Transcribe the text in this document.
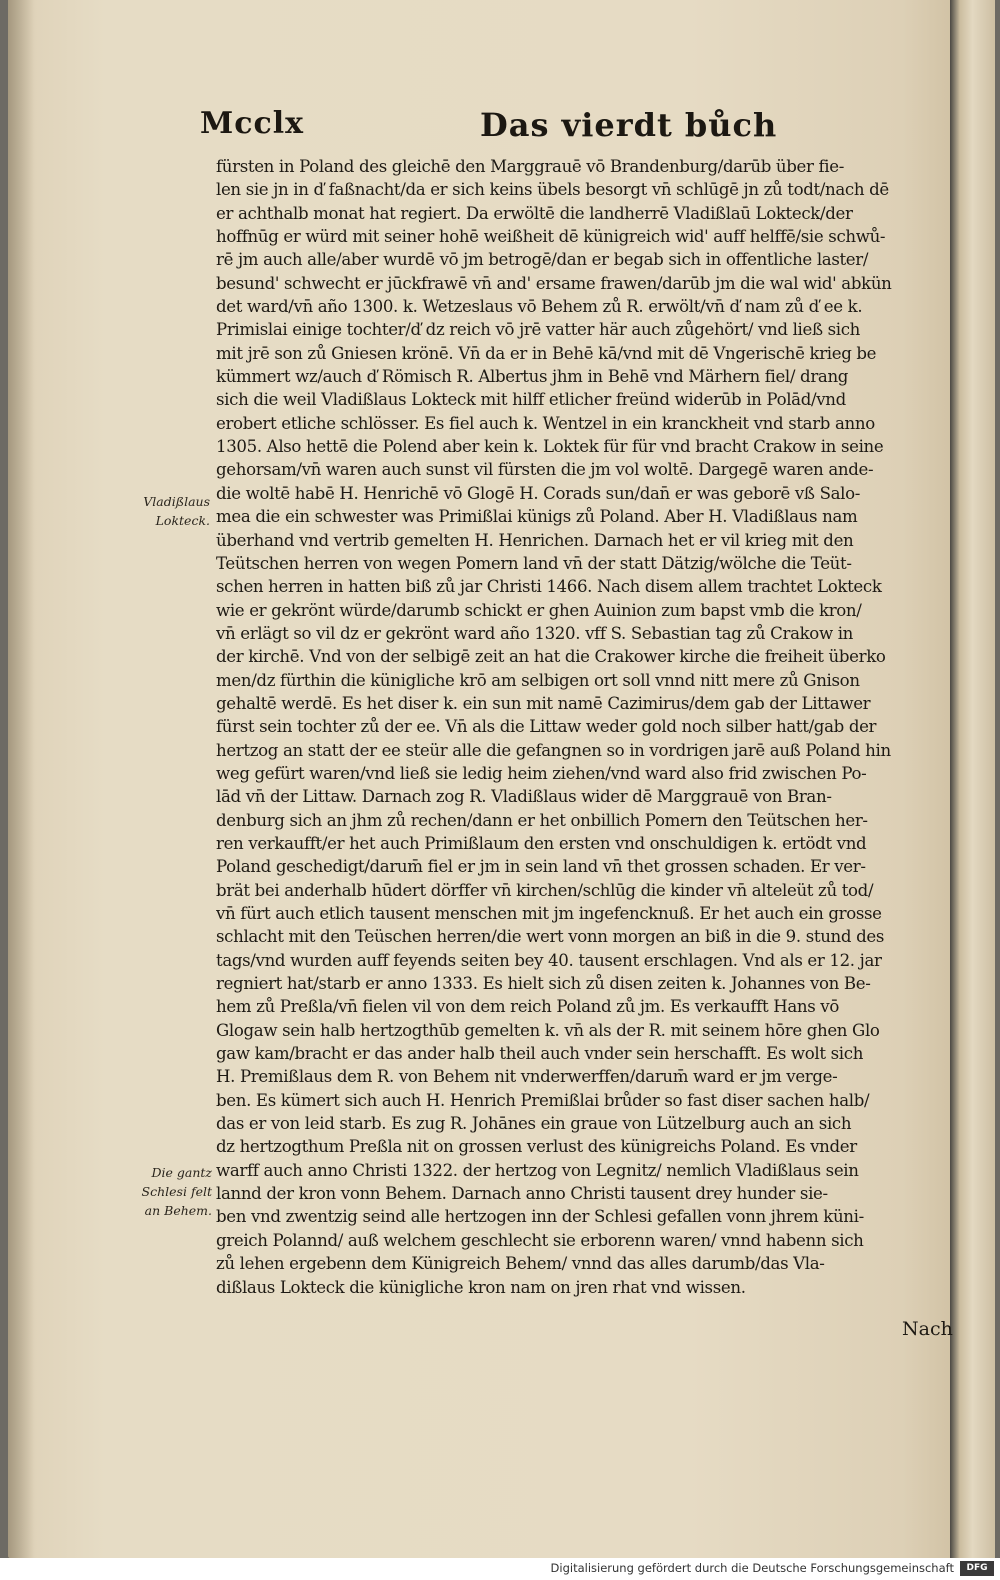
Mcclx	Das vierdt bůch
fürsten in Poland des gleichē den Marggrauē vō Brandenburg/darūb über fie-
len sie jn in ď faßnacht/da er sich keins übels besorgt vn̄ schlūgē jn zů todt/nach dē
er achthalb monat hat regiert. Da erwöltē die landherrē Vladißlaū Lokteck/der
hoffnūg er würd mit seiner hohē weißheit dē künigreich wid' auff helffē/sie schwů-
rē jm auch alle/aber wurdē vō jm betrogē/dan er begab sich in offentliche laster/
besund' schwecht er jūckfrawē vn̄ and' ersame frawen/darūb jm die wal wid' abkün
det ward/vn̄ año 1300. k. Wetzeslaus vō Behem zů R. erwölt/vn̄ ď nam zů ď ee k.
Primislai einige tochter/ď dz reich vō jrē vatter här auch zůgehört/ vnd ließ sich
mit jrē son zů Gniesen krönē. Vn̄ da er in Behē kā/vnd mit dē Vngerischē krieg be
kümmert wz/auch ď Römisch R. Albertus jhm in Behē vnd Märhern fiel/ drang
sich die weil Vladißlaus Lokteck mit hilff etlicher freünd widerūb in Polād/vnd
erobert etliche schlösser. Es fiel auch k. Wentzel in ein kranckheit vnd starb anno
1305. Also hettē die Polend aber kein k. Loktek für für vnd bracht Crakow in seine
gehorsam/vn̄ waren auch sunst vil fürsten die jm vol woltē. Dargegē waren ande-
die woltē habē H. Henrichē vō Glogē H. Corads sun/dan̄ er was geborē vß Salo-
mea die ein schwester was Primißlai künigs zů Poland. Aber H. Vladißlaus nam
überhand vnd vertrib gemelten H. Henrichen. Darnach het er vil krieg mit den
Teütschen herren von wegen Pomern land vn̄ der statt Dätzig/wölche die Teüt-
schen herren in hatten biß zů jar Christi 1466. Nach disem allem trachtet Lokteck
wie er gekrönt würde/darumb schickt er ghen Auinion zum bapst vmb die kron/
vn̄ erlägt so vil dz er gekrönt ward año 1320. vff S. Sebastian tag zů Crakow in
der kirchē. Vnd von der selbigē zeit an hat die Crakower kirche die freiheit überko
men/dz fürthin die künigliche krō am selbigen ort soll vnnd nitt mere zů Gnison
gehaltē werdē. Es het diser k. ein sun mit namē Cazimirus/dem gab der Littawer
fürst sein tochter zů der ee. Vn̄ als die Littaw weder gold noch silber hatt/gab der
hertzog an statt der ee steür alle die gefangnen so in vordrigen jarē auß Poland hin
weg gefürt waren/vnd ließ sie ledig heim ziehen/vnd ward also frid zwischen Po-
lād vn̄ der Littaw. Darnach zog R. Vladißlaus wider dē Marggrauē von Bran-
denburg sich an jhm zů rechen/dann er het onbillich Pomern den Teütschen her-
ren verkaufft/er het auch Primißlaum den ersten vnd onschuldigen k. ertödt vnd
Poland geschedigt/darum̄ fiel er jm in sein land vn̄ thet grossen schaden. Er ver-
brät bei anderhalb hūdert dörffer vn̄ kirchen/schlūg die kinder vn̄ alteleüt zů tod/
vn̄ fürt auch etlich tausent menschen mit jm ingefencknuß. Er het auch ein grosse
schlacht mit den Teüschen herren/die wert vonn morgen an biß in die 9. stund des
tags/vnd wurden auff feyends seiten bey 40. tausent erschlagen. Vnd als er 12. jar
regniert hat/starb er anno 1333. Es hielt sich zů disen zeiten k. Johannes von Be-
hem zů Preßla/vn̄ fielen vil von dem reich Poland zů jm. Es verkaufft Hans vō
Glogaw sein halb hertzogthūb gemelten k. vn̄ als der R. mit seinem hōre ghen Glo
gaw kam/bracht er das ander halb theil auch vnder sein herschafft. Es wolt sich
H. Premißlaus dem R. von Behem nit vnderwerffen/darum̄ ward er jm verge-
ben. Es kümert sich auch H. Henrich Premißlai brůder so fast diser sachen halb/
das er von leid starb. Es zug R. Johānes ein graue von Lützelburg auch an sich
dz hertzogthum Preßla nit on grossen verlust des künigreichs Poland. Es vnder
warff auch anno Christi 1322. der hertzog von Legnitz/ nemlich Vladißlaus sein
lannd der kron vonn Behem. Darnach anno Christi tausent drey hunder sie-
ben vnd zwentzig seind alle hertzogen inn der Schlesi gefallen vonn jhrem küni-
greich Polannd/ auß welchem geschlecht sie erborenn waren/ vnnd habenn sich
zů lehen ergebenn dem Künigreich Behem/ vnnd das alles darumb/das Vla-
dißlaus Lokteck die künigliche kron nam on jren rhat vnd wissen.
Vladißlaus
Lokteck.
Die gantz
Schlesi felt
an Behem.
Nach
Digitalisierung gefördert durch die Deutsche Forschungsgemeinschaft	DFG
